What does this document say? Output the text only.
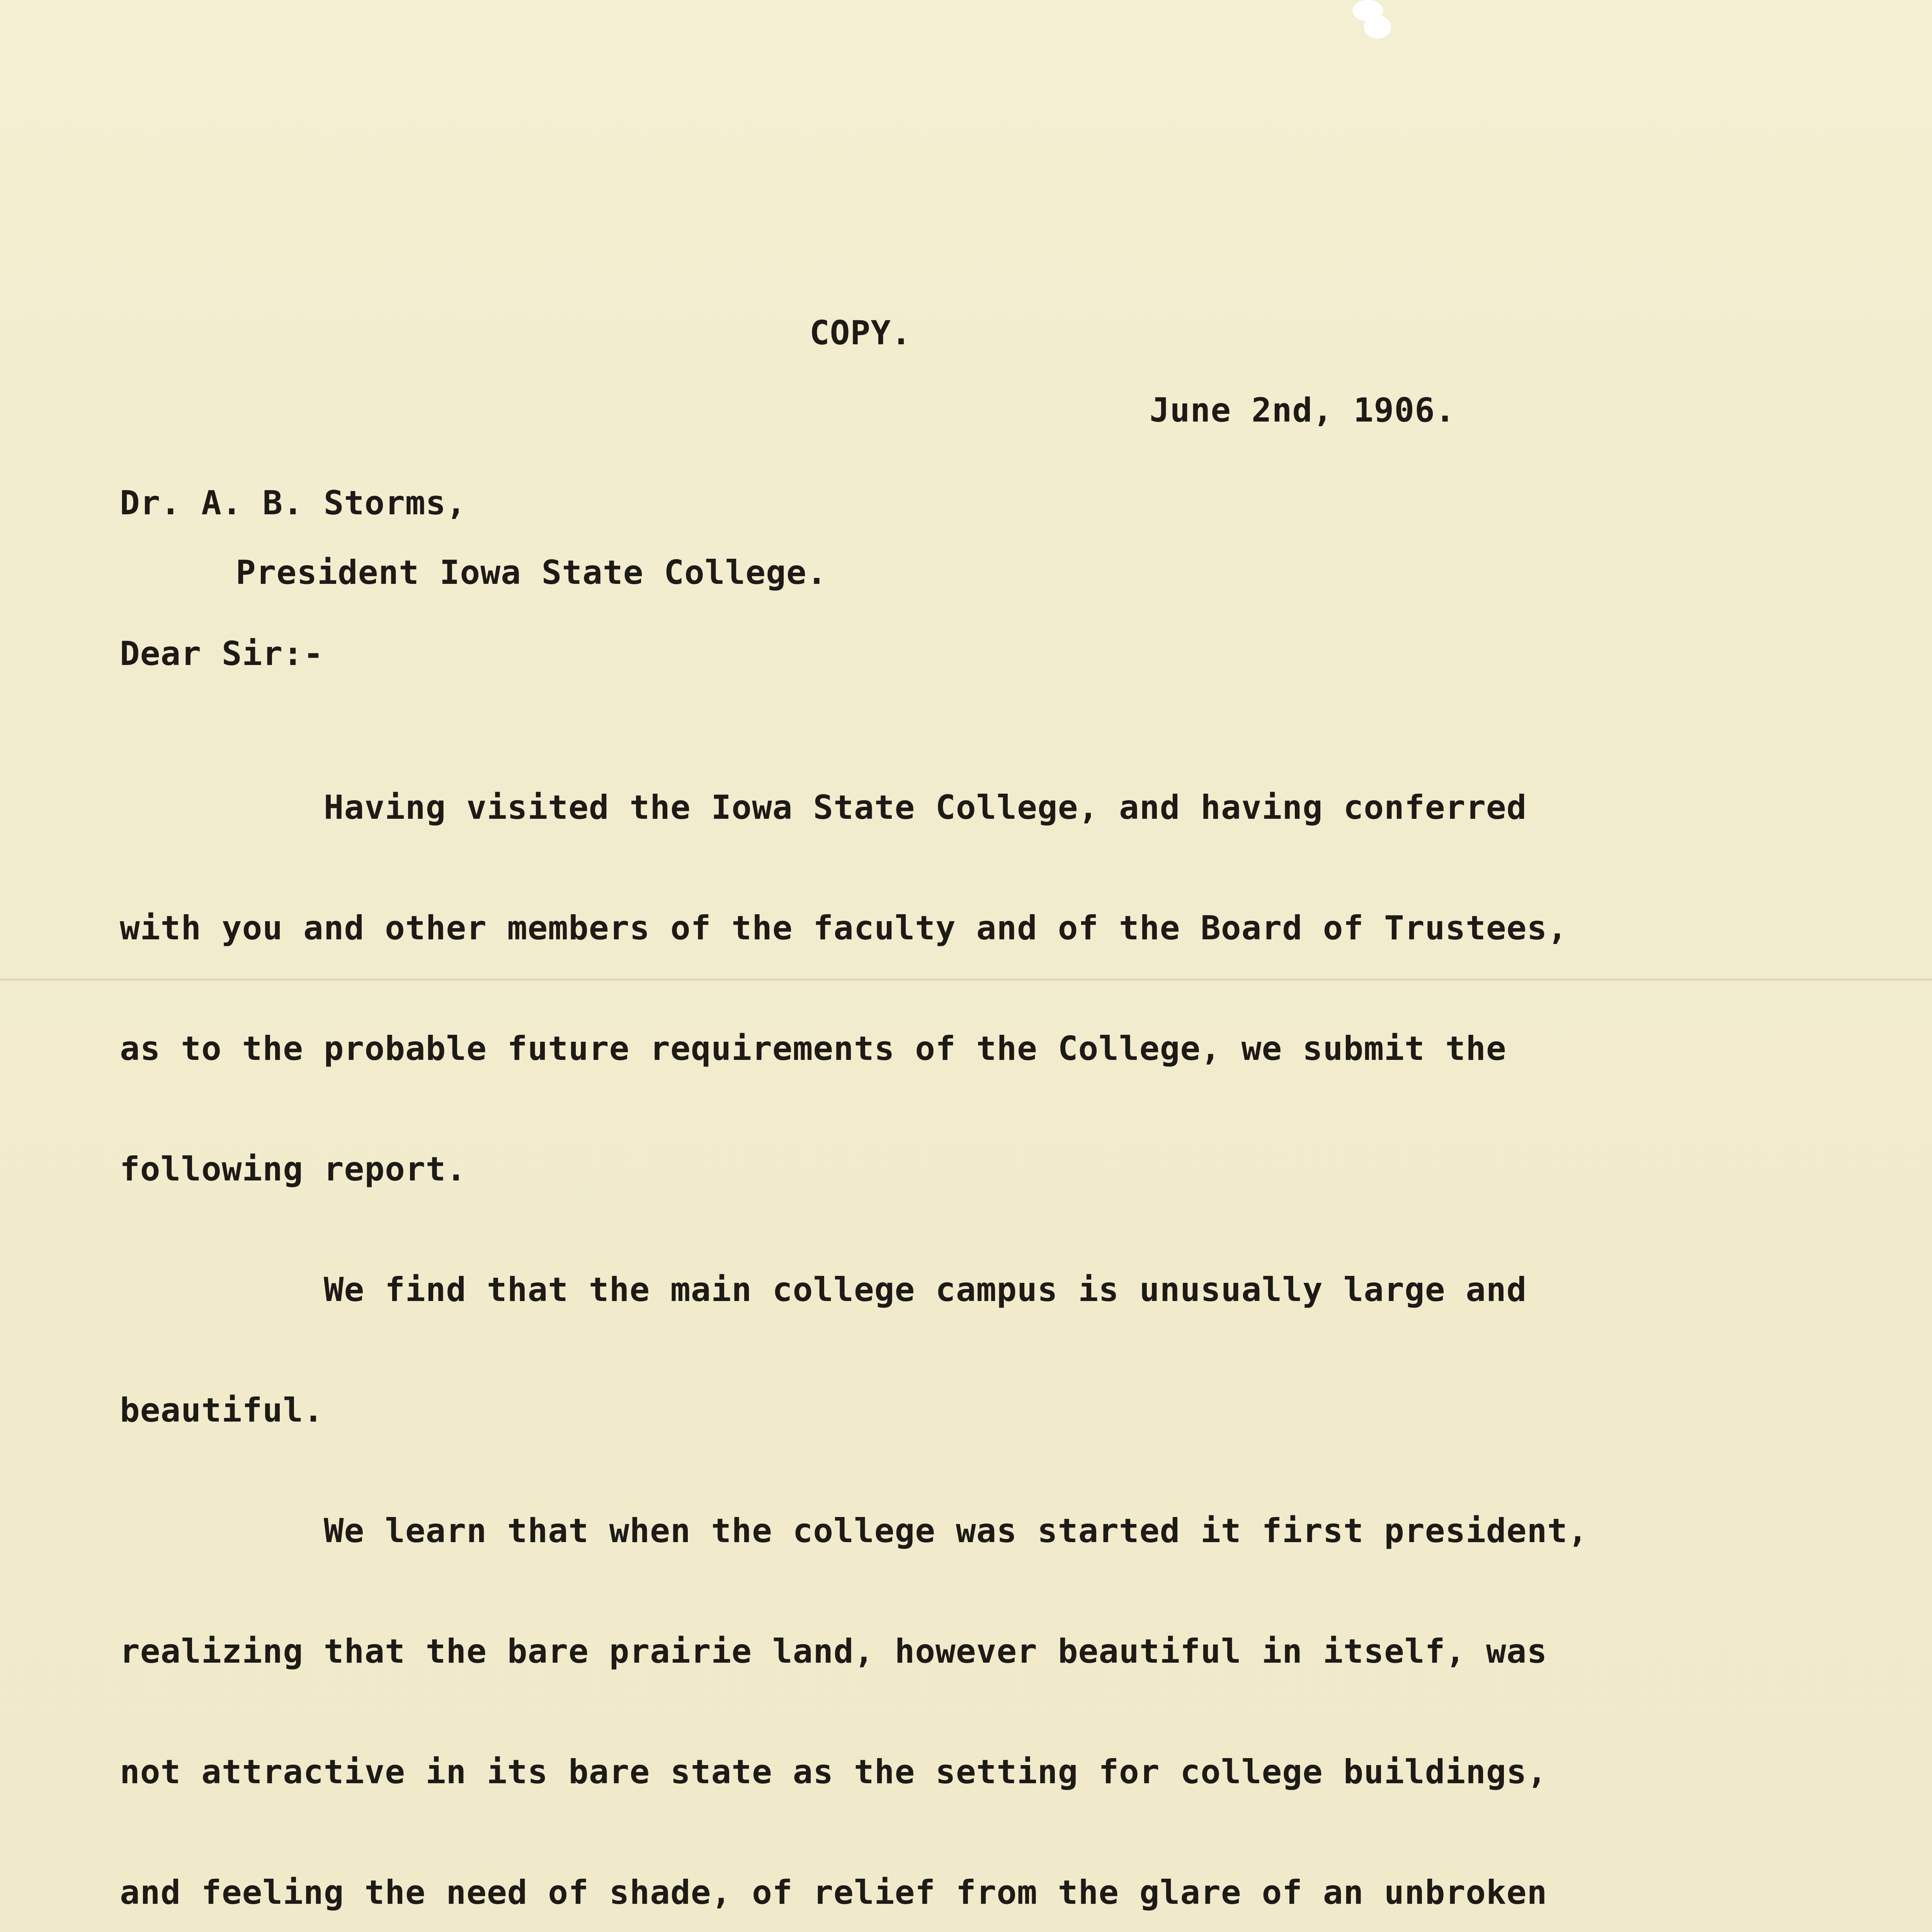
COPY.
June 2nd, 1906.
Dr. A. B. Storms,
President Iowa State College.
Dear Sir:-

Having visited the Iowa State College, and having conferred

with you and other members of the faculty and of the Board of Trustees,

as to the probable future requirements of the College, we submit the

following report.

We find that the main college campus is unusually large and

beautiful.

We learn that when the college was started it first president,

realizing that the bare prairie land, however beautiful in itself, was

not attractive in its bare state as the setting for college buildings,

and feeling the need of shade, of relief from the glare of an unbroken
